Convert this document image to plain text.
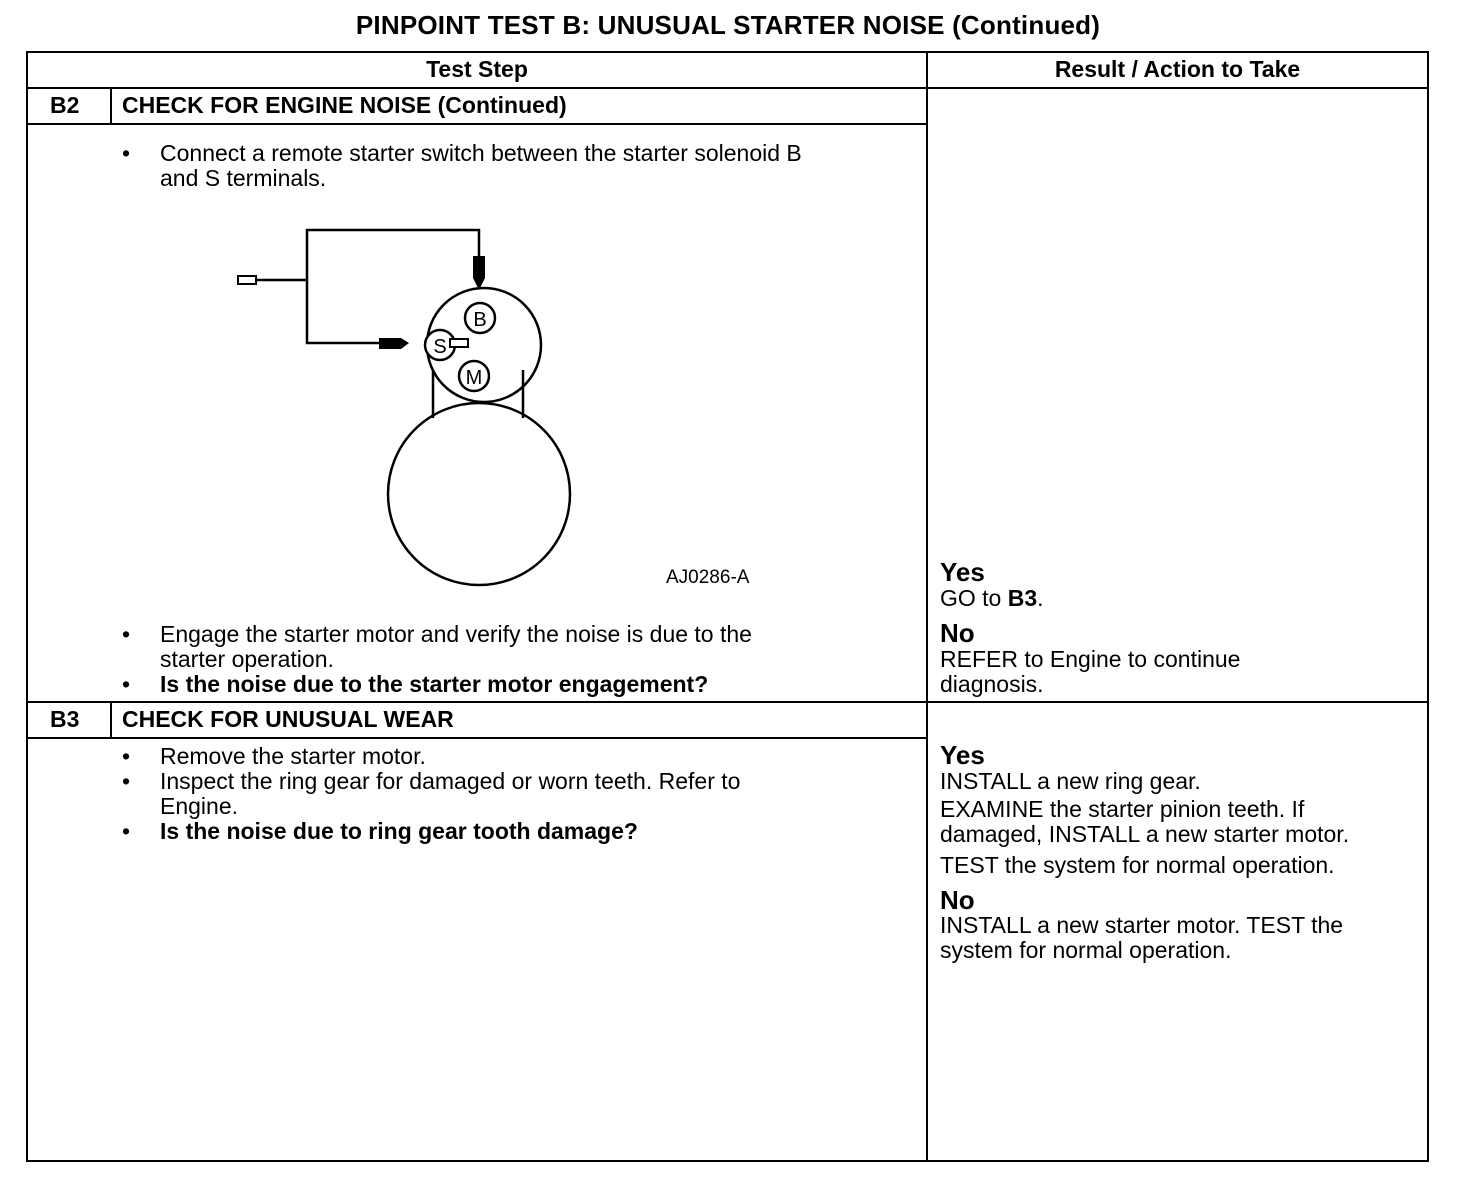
PINPOINT TEST B: UNUSUAL STARTER NOISE (Continued)
Test Step	Result / Action to Take
B2 CHECK FOR ENGINE NOISE (Continued)
• Connect a remote starter switch between the starter solenoid B
and S terminals.
B
S
M
AJ0286-A
• Engage the starter motor and verify the noise is due to the
starter operation.
• Is the noise due to the starter motor engagement?
Yes
GO to B3.
No
REFER to Engine to continue
diagnosis.
B3 CHECK FOR UNUSUAL WEAR
• Remove the starter motor.
• Inspect the ring gear for damaged or worn teeth. Refer to
Engine.
• Is the noise due to ring gear tooth damage?
Yes
INSTALL a new ring gear.
EXAMINE the starter pinion teeth. If
damaged, INSTALL a new starter motor.
TEST the system for normal operation.
No
INSTALL a new starter motor. TEST the
system for normal operation.
